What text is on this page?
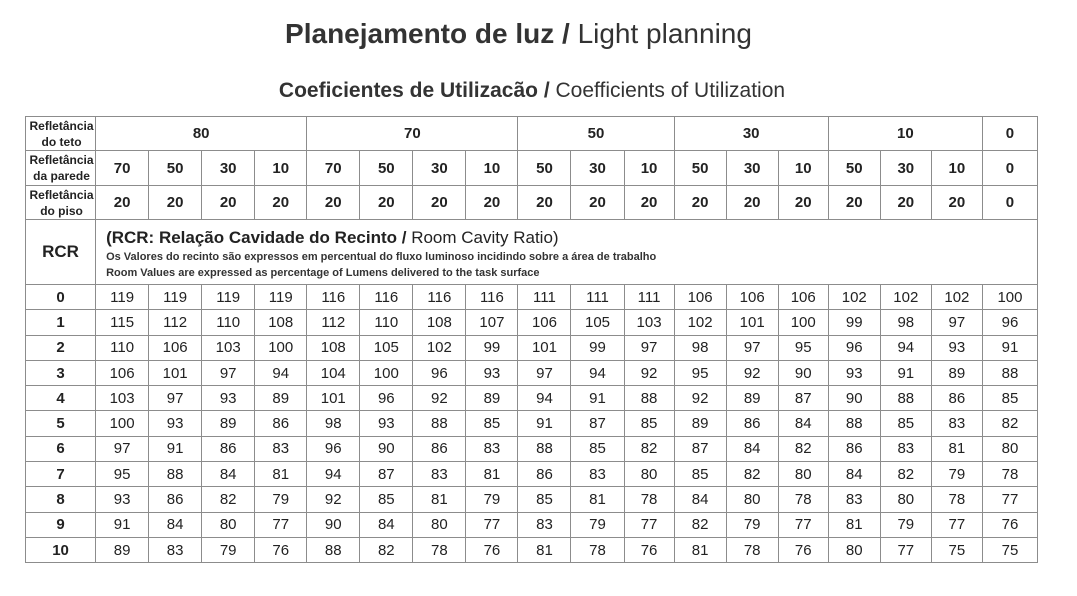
Planejamento de luz / Light planning
Coeficientes de Utilizacão / Coefficients of Utilization
Refletância
do teto	80				70				50			30			10			0

Refletância
da parede	70	50	30	10	70	50	30	10	50	30	10	50	30	10	50	30	10	0

Refletância
do piso	20	20	20	20	20	20	20	20	20	20	20	20	20	20	20	20	20	0
RCR	(RCR: Relação Cavidade do Recinto / Room Cavity Ratio)
Os Valores do recinto são expressos em percentual do fluxo luminoso incidindo sobre a área de trabalho
Room Values are expressed as percentage of Lumens delivered to the task surface																	

0	119	119	119	119	116	116	116	116	111	111	111	106	106	106	102	102	102	100
1	115	112	110	108	112	110	108	107	106	105	103	102	101	100	99	98	97	96
2	110	106	103	100	108	105	102	99	101	99	97	98	97	95	96	94	93	91
3	106	101	97	94	104	100	96	93	97	94	92	95	92	90	93	91	89	88
4	103	97	93	89	101	96	92	89	94	91	88	92	89	87	90	88	86	85
5	100	93	89	86	98	93	88	85	91	87	85	89	86	84	88	85	83	82
6	97	91	86	83	96	90	86	83	88	85	82	87	84	82	86	83	81	80
7	95	88	84	81	94	87	83	81	86	83	80	85	82	80	84	82	79	78
8	93	86	82	79	92	85	81	79	85	81	78	84	80	78	83	80	78	77
9	91	84	80	77	90	84	80	77	83	79	77	82	79	77	81	79	77	76
10	89	83	79	76	88	82	78	76	81	78	76	81	78	76	80	77	75	75
